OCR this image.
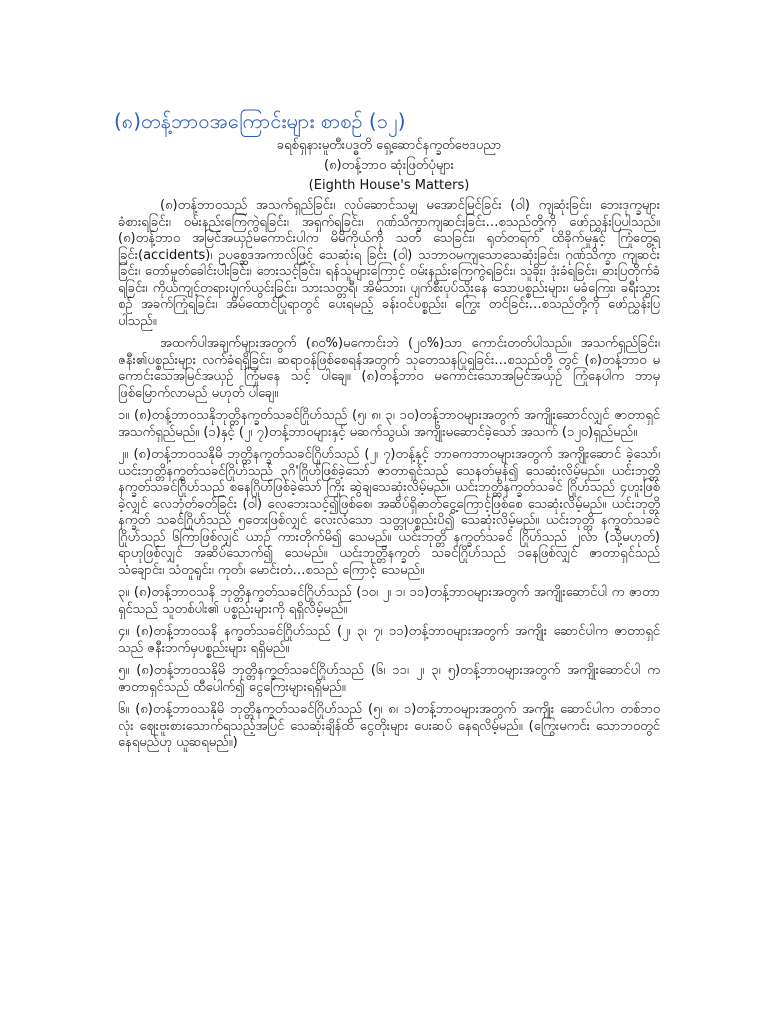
(၈)တန့်ဘာဝအကြောင်းများ စာစဉ် (၁၂)

ခရစ်ရှနားမူတီးပဒ္ဓတိ ရှေ့ဆောင်နက္ခတ်ဗေဒပညာ

(၈)တန့်ဘာဝ ဆုံးဖြတ်ပုံများ

(Eighth House's Matters)

(၈)တန့်ဘာဝသည် အသက်ရှည်ခြင်း၊ လုပ်ဆောင်သမျှ မအောင်မြင်ခြင်း (ဝါ) ကျဆုံးခြင်း၊ ဘေးဒုက္ခများ ခံစားရခြင်း၊ ဝမ်းနည်းကြေကွဲရခြင်း၊ အရှက်ရခြင်း၊ ဂုဏ်သိက္ခာကျဆင်းခြင်း…စသည်တို့ကို ဖော်ညွှန်းပြပါသည်။ (၈)တန့်ဘာဝ အမြင်အယှဉ်မကောင်းပါက မိမိကိုယ်ကို သတ် သေခြင်း၊ ရုတ်တရက် ထိခိုက်မှုနှင့် ကြုံတွေ့ရခြင်း(accidents)၊ ဥပစ္ဆေဒအကာလ်ဖြင့် သေဆုံးရ ခြင်း (ဝါ) သဘာဝမကျသောသေဆုံးခြင်း၊ ဂုဏ်သိက္ခာ ကျဆင်းခြင်း၊ တော်မှုတ်ခေါင်းပါးခြင်း၊ ဘေးသင့်ခြင်း၊ ရန်သူများကြောင့် ဝမ်းနည်းကြေကွဲရခြင်း၊ သူခိုး၊ ဒုံးခံရခြင်း၊ ဓားပြတိုက်ခံရခြင်း၊ ကိုယ်ကျင့်တရားပျက်ယွင်းခြင်း၊ သားသတ္တရီ၊ အိမ်သား၊ ပျက်စီးပုပ်သိုးနေ သောပစ္စည်းများ၊ မခံကြေး၊ ခရီးသွားစဉ် အခက်ကြုံရခြင်း၊ အိမ်ထောင်ပြုရာတွင် ပေးရမည့် ခန်းဝင်ပစ္စည်း၊ ကြွေး တင်ခြင်း…စသည်တို့ကို ဖော်ညွှန်းပြပါသည်။

အထက်ပါအချက်များအတွက် (၈၀%)မကောင်းဘဲ (၂၀%)သာ ကောင်းတတ်ပါသည်။ အသက်ရှည်ခြင်း၊ ဇနီး၏ပစ္စည်းများ လက်ခံရရှိခြင်း၊ ဆရာဝန်ဖြစ်စေရန်အတွက် သုတေသနပြုရခြင်း…စသည်တို့ တွင် (၈)တန့်ဘာဝ မကောင်းသေအမြင်အယှဉ် ကြုံမနေ သင့် ပါချေ။ (၈)တန့်ဘာဝ မကောင်းသောအမြင်အယှဉ် ကြုံနေပါက ဘာမှဖြစ်မြောက်လာမည် မဟုတ် ပါချေ။

၁။ (၈)တန့်ဘာဝသနိုဘုတ္တိနက္ခတ်သခင်ဂြိုဟ်သည် (၅၊ ၈၊ ၃၊ ၁၀)တန့်ဘာဝများအတွက် အကျိုးဆောင်လျှင် ဇာတာရှင် အသက်ရှည်မည်။ (၁)နှင့် (၂၊ ၇)တန့်ဘာဝများနှင့် မဆက်သွယ်၊ အကျိုးမဆောင်ခဲ့သော် အသက် (၁၂၀)ရှည်မည်။

၂။ (၈)တန့်ဘာဝသနိုမိ ဘုတ္တိနက္ခတ်သခင်ဂြိုဟ်သည် (၂၊ ၇)တန့်နှင့် ဘာဓကဘာဝများအတွက် အကျိုးဆောင် ခဲ့သော်၊ ယင်းဘုတ္တိနက္ခတ်သခင်ဂြိုဟ်သည် ၃ဂိ'ဂြိုဟ်ဖြစ်ခဲ့သော် ဇာတာရှင်သည် သေနတ်မှန်၍ သေဆုံးလိမ့်မည်။ ယင်းဘုတ္တိနက္ခတ်သခင်ဂြိုဟ်သည် စနေဂြိုဟ်ဖြစ်ခဲ့သော် ကြိုး ဆွဲချသေဆုံးလိမ့်မည်။ ယင်းဘုတ္တိနက္ခတ်သခင် ဂြိုဟ်သည် ၄ဟူးဖြစ်ခဲ့လျှင် လေဘုံတ်ခတ်ခြင်း (ဝါ) လေဘေးသင့်၍ဖြစ်စေ၊ အဆိပ်ရှိဓာတ်ငွေ့ကြောင့်ဖြစ်စေ သေဆုံးလိမ့်မည်။ ယင်းဘုတ္တိနက္ခတ် သခင်ဂြိုဟ်သည် ၅တေးဖြစ်လျှင် လေးလံသော သတ္တုပစ္စည်းပိ၍ သေဆုံးလိမ့်မည်။ ယင်းဘုတ္တိ နက္ခတ်သခင်ဂြိုဟ်သည် ၆ကြာဖြစ်လျှင် ယာဉ် ကားတိုက်မိ၍ သေမည်။ ယင်းဘုတ္တိ နက္ခတ်သခင် ဂြိုဟ်သည် ၂လ်ာ (သို့မဟုတ်) ရာဟုဖြစ်လျှင် အဆိပ်သောက်၍ သေမည်။ ယင်းဘုတ္တိနက္ခတ် သခင်ဂြိုဟ်သည် ၁နေဖြစ်လျှင် ဇာတာရှင်သည် သံချောင်း၊ သံတူရူင်း၊ ကုတ်၊ မောင်းတံ…စသည် ကြောင့် သေမည်။

၃။ (၈)တန့်ဘာဝသနိ ဘုတ္တိနက္ခတ်သခင်ဂြိုဟ်သည် (၁၀၊ ၂၊ ၁၊ ၁၁)တန့်ဘာဝများအတွက် အကျိုးဆောင်ပါ က ဇာတာရှင်သည် သူတစ်ပါး၏ ပစ္စည်းများကို ရရှိလိမ့်မည်။

၄။ (၈)တန့်ဘာဝသနိ နက္ခတ်သခင်ဂြိုဟ်သည် (၂၊ ၃၊ ၇၊ ၁၁)တန့်ဘာဝများအတွက် အကျိုး ဆောင်ပါက ဇာတာရှင်သည် ဇနီးဘက်မှပစ္စည်းများ ရရှိမည်။

၅။ (၈)တန့်ဘာဝသနိုမိ ဘုတ္တိနက္ခတ်သခင်ဂြိုဟ်သည် (၆၊ ၁၁၊ ၂၊ ၃၊ ၅)တန့်ဘာဝများအတွက် အကျိုးဆောင်ပါ က ဇာတာရှင်သည် ထီပေါက်၍ ငွေကြေးများရရှိမည်။

၆။ (၈)တန့်ဘာဝသနိုမိ ဘုတ္တိနက္ခတ်သခင်ဂြိုဟ်သည် (၅၊ ၈၊ ၁)တန့်ဘာဝများအတွက် အကျိုး ဆောင်ပါက တစ်ဘဝလုံး ဈေးဗူးစားသောက်ရသည့်အပြင် သေဆုံးချိန်ထိ ငွေတိုးများ ပေးဆပ် နေရလိမ့်မည်။ (ကြွေးမကင်း သောဘဝတွင် နေရမည်ဟု ယူဆရမည်။)
